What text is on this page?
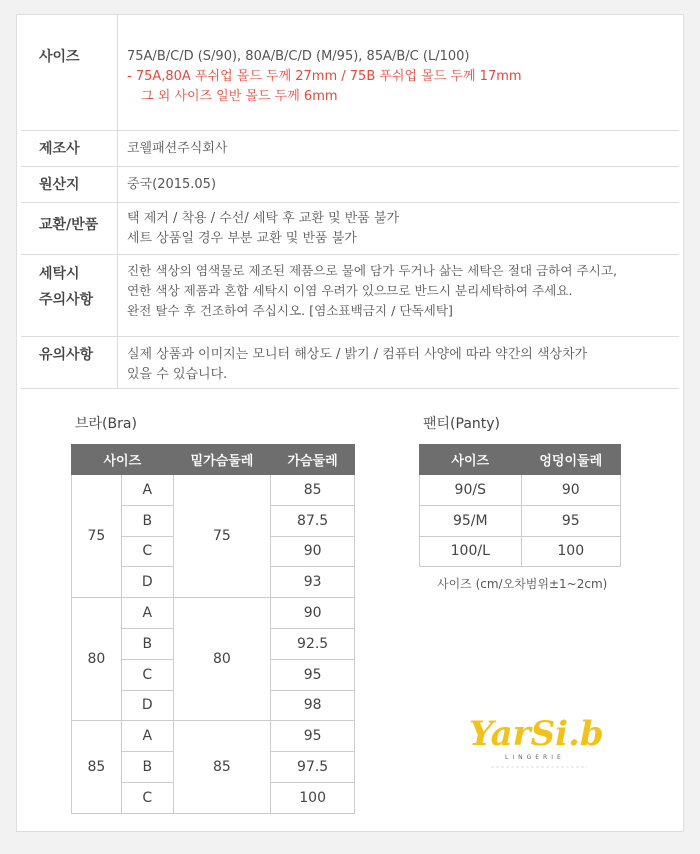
사이즈	75A/B/C/D (S/90), 80A/B/C/D (M/95), 85A/B/C (L/100)
- 75A,80A 푸쉬업 몰드 두께 27mm / 75B 푸쉬업 몰드 두께 17mm
그 외 사이즈 일반 몰드 두께 6mm
제조사	코웰패션주식회사
원산지	중국(2015.05)
교환/반품 택 제거 / 착용 / 수선/ 세탁 후 교환 및 반품 불가
세트 상품일 경우 부분 교환 및 반품 불가
세탁시
주의사항
진한 색상의 염색물로 제조된 제품으로 물에 담가 두거나 삶는 세탁은 절대 금하여 주시고,
연한 색상 제품과 혼합 세탁시 이염 우려가 있으므로 반드시 분리세탁하여 주세요.
완전 탈수 후 건조하여 주십시오. [염소표백금지 / 단독세탁]
유의사항	실제 상품과 이미지는 모니터 해상도 / 밝기 / 컴퓨터 사양에 따라 약간의 색상차가
있을 수 있습니다.
브라(Bra)
사이즈		밑가슴둘레	가슴둘레
75	A	75	85
	B		87.5
	C		90
	D		93
80	A	80	90
	B		92.5
	C		95
	D		98
85	A	85	95
	B		97.5
	C		100
팬티(Panty)
사이즈	엉덩이둘레
90/S	90
95/M	95
100/L	100
사이즈 (cm/오차범위±1~2cm)
YarSi.b
LINGERIE
